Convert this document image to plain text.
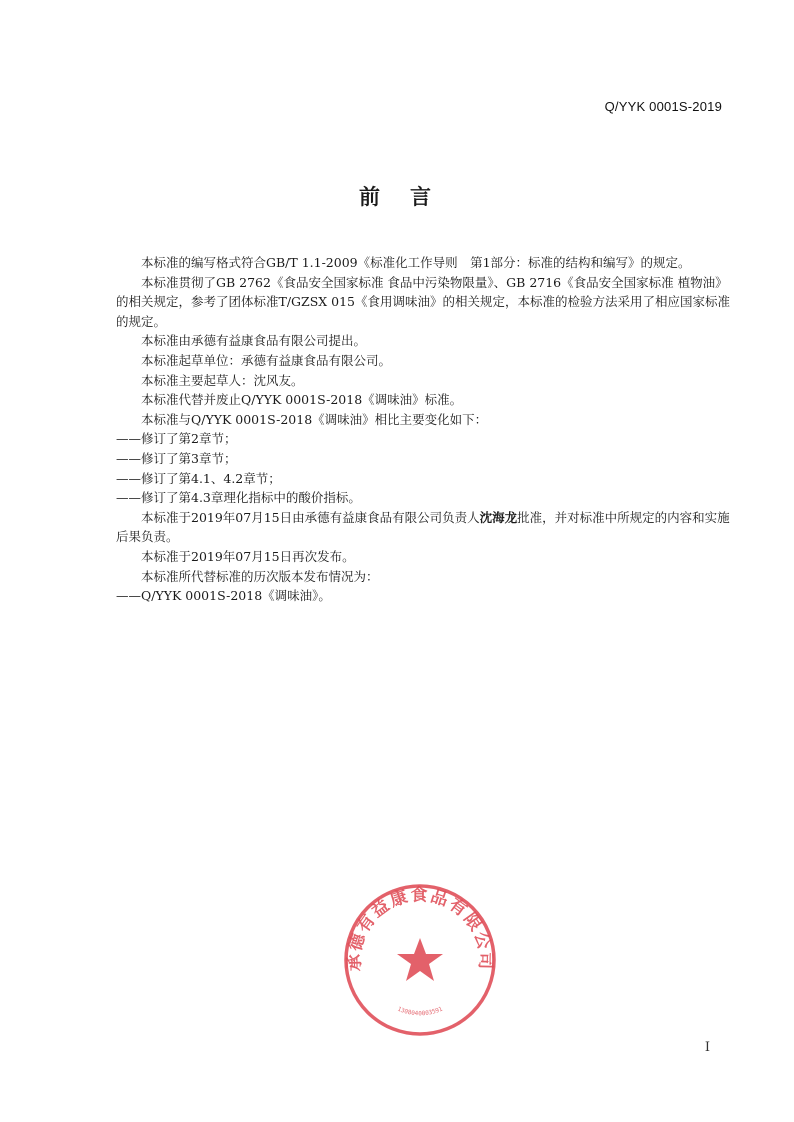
Q/YYK 0001S-2019
前言

本标准的编写格式符合GB/T 1.1-2009《标准化工作导则　第1部分：标准的结构和编写》的规定。

本标准贯彻了GB 2762《食品安全国家标准 食品中污染物限量》、GB 2716《食品安全国家标准 植物油》的相关规定，参考了团体标准T/GZSX 015《食用调味油》的相关规定，本标准的检验方法采用了相应国家标准的规定。

本标准由承德有益康食品有限公司提出。

本标准起草单位：承德有益康食品有限公司。

本标准主要起草人：沈风友。

本标准代替并废止Q/YYK 0001S-2018《调味油》标准。

本标准与Q/YYK 0001S-2018《调味油》相比主要变化如下：

——修订了第2章节；

——修订了第3章节；

——修订了第4.1、4.2章节；

——修订了第4.3章理化指标中的酸价指标。

本标准于2019年07月15日由承德有益康食品有限公司负责人沈海龙批准，并对标准中所规定的内容和实施后果负责。

本标准于2019年07月15日再次发布。

本标准所代替标准的历次版本发布情况为：

——Q/YYK 0001S-2018《调味油》。

承德有益康食品有限公司
1308040003591
I
